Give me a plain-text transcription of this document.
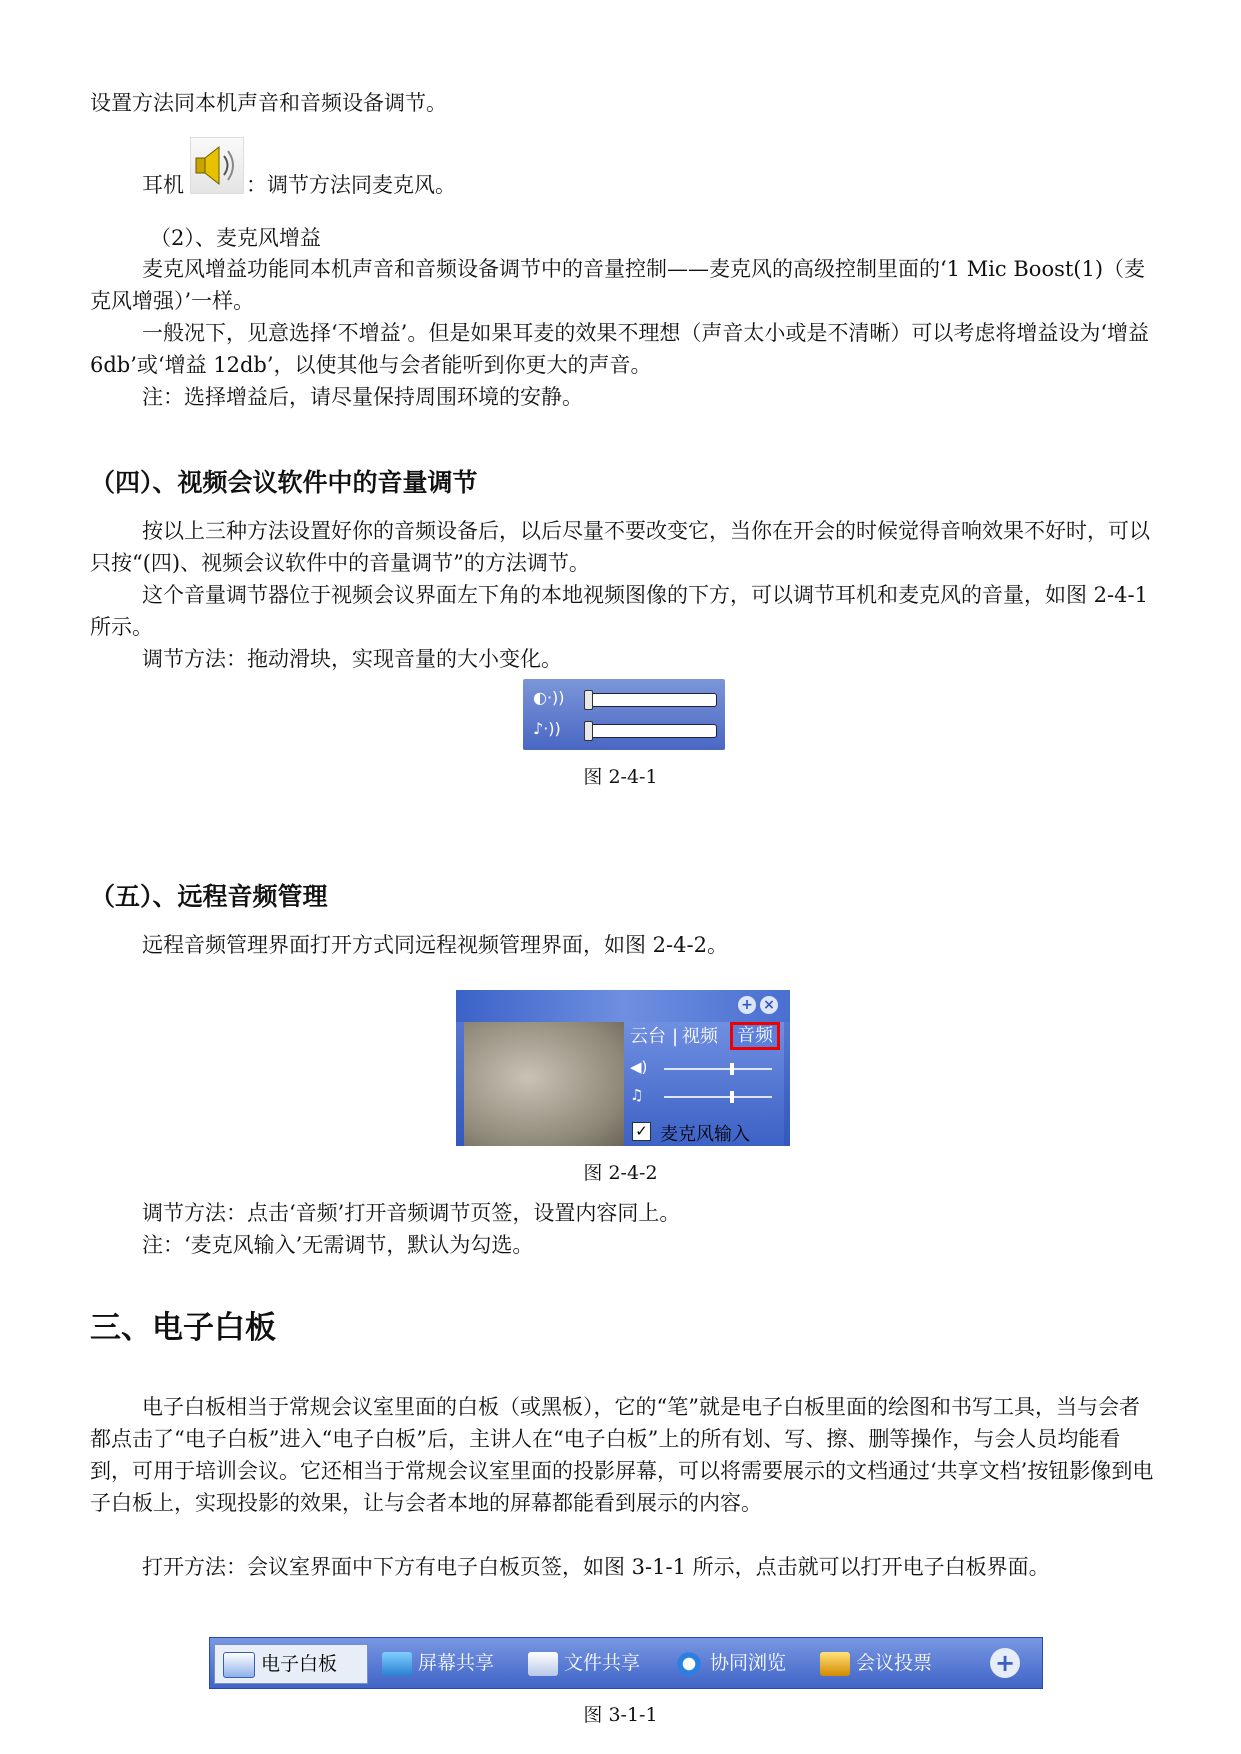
设置方法同本机声音和音频设备调节。

耳机	：调节方法同麦克风。

（2）、麦克风增益

麦克风增益功能同本机声音和音频设备调节中的音量控制——麦克风的高级控制里面的‘1 Mic Boost(1)（麦克风增强）’一样。

一般况下，见意选择‘不增益’。但是如果耳麦的效果不理想（声音太小或是不清晰）可以考虑将增益设为‘增益 6db’或‘增益 12db’，以使其他与会者能听到你更大的声音。

注：选择增益后，请尽量保持周围环境的安静。

（四）、视频会议软件中的音量调节

按以上三种方法设置好你的音频设备后，以后尽量不要改变它，当你在开会的时候觉得音响效果不好时，可以只按“(四)、视频会议软件中的音量调节”的方法调节。

这个音量调节器位于视频会议界面左下角的本地视频图像的下方，可以调节耳机和麦克风的音量，如图 2-4-1 所示。

调节方法：拖动滑块，实现音量的大小变化。

◐·))
♪·))

图 2-4-1

（五）、远程音频管理

远程音频管理界面打开方式同远程视频管理界面，如图 2-4-2。

+ ×
云台 | 视频	音频
◀)
♫
✓ 麦克风输入

图 2-4-2

调节方法：点击‘音频’打开音频调节页签，设置内容同上。

注：‘麦克风输入’无需调节，默认为勾选。

三、电子白板

电子白板相当于常规会议室里面的白板（或黑板），它的“笔”就是电子白板里面的绘图和书写工具，当与会者都点击了“电子白板”进入“电子白板”后，主讲人在“电子白板”上的所有划、写、擦、删等操作，与会人员均能看到，可用于培训会议。它还相当于常规会议室里面的投影屏幕，可以将需要展示的文档通过‘共享文档’按钮影像到电子白板上，实现投影的效果，让与会者本地的屏幕都能看到展示的内容。

打开方法：会议室界面中下方有电子白板页签，如图 3-1-1 所示，点击就可以打开电子白板界面。

电子白板	屏幕共享	文件共享	协同浏览	会议投票	+

图 3-1-1
